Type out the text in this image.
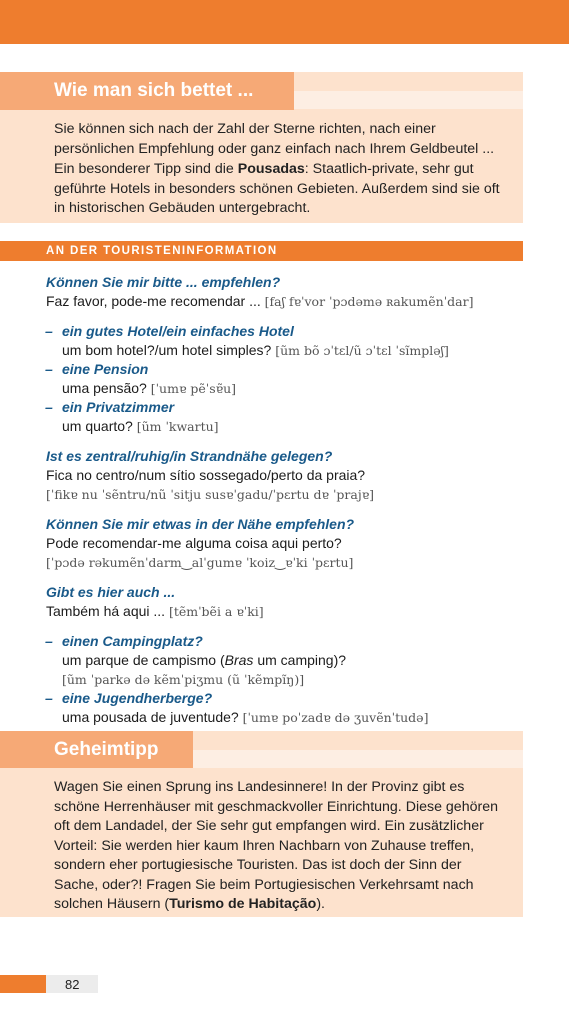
Wie man sich bettet ...

Sie können sich nach der Zahl der Sterne richten, nach einer persönlichen Empfehlung oder ganz einfach nach Ihrem Geldbeutel ...

Ein besonderer Tipp sind die Pousadas: Staatlich-private, sehr gut geführte Hotels in besonders schönen Gebieten. Außerdem sind sie oft in historischen Gebäuden untergebracht.

AN DER TOURISTENINFORMATION
Können Sie mir bitte ... empfehlen?
Faz favor, pode-me recomendar ... [faʃ fɐˈvor ˈpɔdəmə ʀakumẽnˈdar]
– ein gutes Hotel/ein einfaches Hotel
um bom hotel?/um hotel simples? [ũm bõ ɔˈtɛl/ũ ɔˈtɛl ˈsĩmpləʃ]
– eine Pension
uma pensão? [ˈumɐ pẽˈsɐ̃u]
– ein Privatzimmer
um quarto? [ũm ˈkwartu]
Ist es zentral/ruhig/in Strandnähe gelegen?
Fica no centro/num sítio sossegado/perto da praia?
[ˈfikɐ nu ˈsẽntru/nũ ˈsitju susɐˈgadu/ˈpɛrtu dɐ ˈprajɐ]
Können Sie mir etwas in der Nähe empfehlen?
Pode recomendar-me alguma coisa aqui perto?
[ˈpɔdə rəkumẽnˈdarm‿alˈgumɐ ˈkoiz‿ɐˈki ˈpɛrtu]
Gibt es hier auch ...
Também há aqui ... [tẽmˈbẽi a ɐˈki]
– einen Campingplatz?
um parque de campismo (Bras um camping)?
[ũm ˈparkə də kẽmˈpiʒmu (ũ ˈkẽmpĩŋ)]
– eine Jugendherberge?
uma pousada de juventude? [ˈumɐ poˈzadɐ də ʒuvẽnˈtudə]
Geheimtipp

Wagen Sie einen Sprung ins Landesinnere! In der Provinz gibt es schöne Herrenhäuser mit geschmackvoller Einrichtung. Diese gehören oft dem Landadel, der Sie sehr gut empfangen wird. Ein zusätzlicher Vorteil: Sie werden hier kaum Ihren Nachbarn von Zuhause treffen, sondern eher portugiesische Touristen. Das ist doch der Sinn der Sache, oder?! Fragen Sie beim Portugiesischen Verkehrsamt nach solchen Häusern (Turismo de Habitação).

82
